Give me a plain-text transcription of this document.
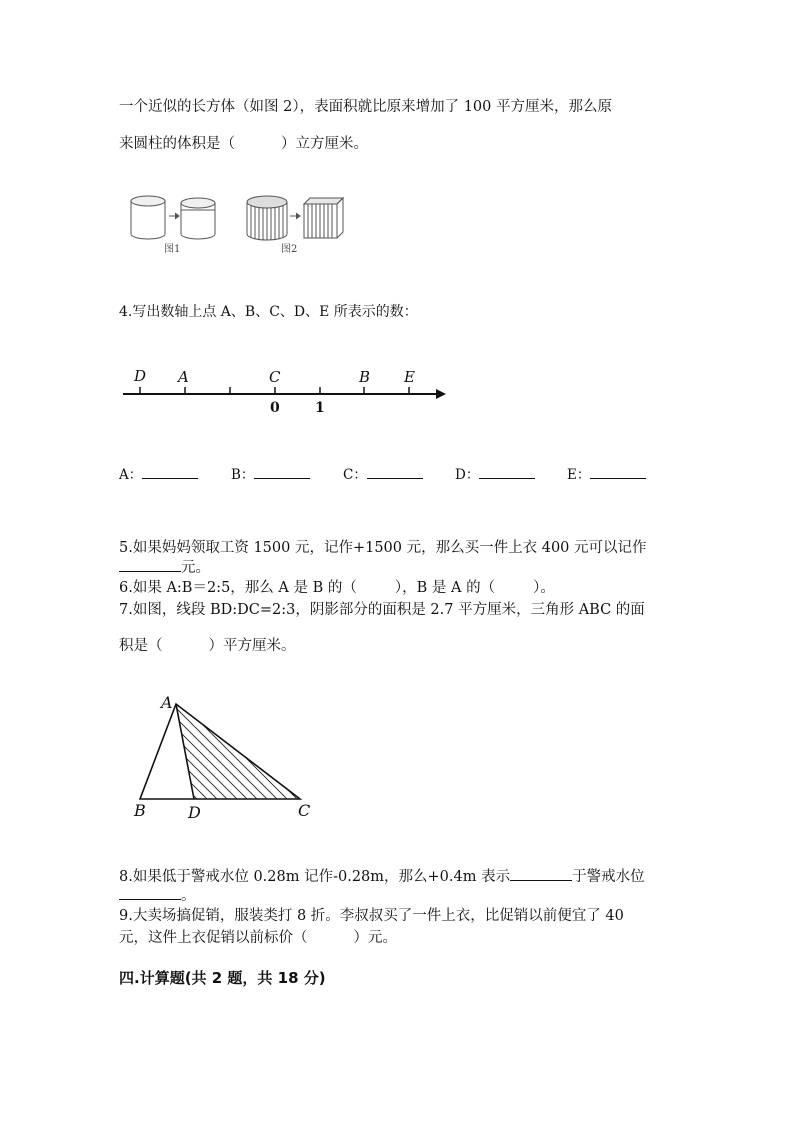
一个近似的长方体（如图 2），表面积就比原来增加了 100 平方厘米，那么原
来圆柱的体积是（	）立方厘米。
图1	图2
4.写出数轴上点 A、B、C、D、E 所表示的数：
D A	C	B E
0	1
A：	B：	C：	D：	E：
5.如果妈妈领取工资 1500 元，记作+1500 元，那么买一件上衣 400 元可以记作
元。
6.如果 A:B＝2:5，那么 A 是 B 的（	），B 是 A 的（	）。
7.如图，线段 BD:DC=2:3，阴影部分的面积是 2.7 平方厘米，三角形 ABC 的面
积是（	）平方厘米。
A
B	D	C
8.如果低于警戒水位 0.28m 记作-0.28m，那么+0.4m 表示	于警戒水位
。
9.大卖场搞促销，服装类打 8 折。李叔叔买了一件上衣，比促销以前便宜了 40
元，这件上衣促销以前标价（	）元。
四.计算题(共 2 题，共 18 分)
